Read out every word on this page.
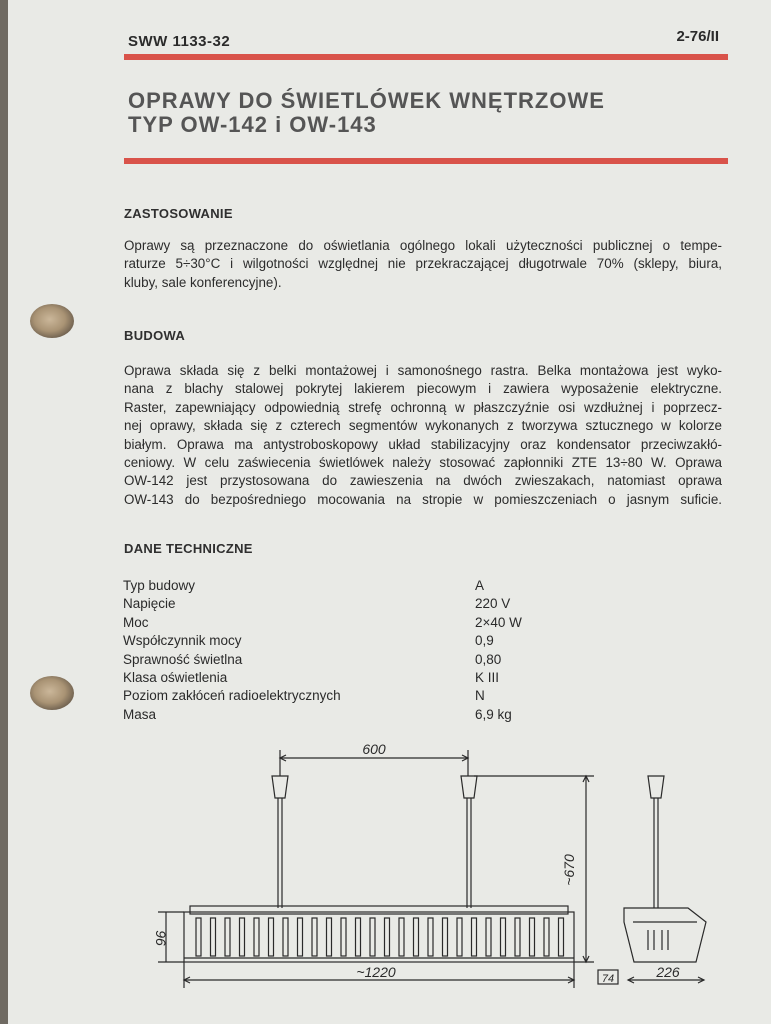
SWW 1133-32	2-76/II
OPRAWY DO ŚWIETLÓWEK WNĘTRZOWE
TYP OW-142 i OW-143
ZASTOSOWANIE
Oprawy są przeznaczone do oświetlania ogólnego lokali użyteczności publicznej o tempe-
raturze 5÷30°C i wilgotności względnej nie przekraczającej długotrwale 70% (sklepy, biura,
kluby, sale konferencyjne).
BUDOWA
Oprawa składa się z belki montażowej i samonośnego rastra. Belka montażowa jest wyko-
nana z blachy stalowej pokrytej lakierem piecowym i zawiera wyposażenie elektryczne.
Raster, zapewniający odpowiednią strefę ochronną w płaszczyźnie osi wzdłużnej i poprzecz-
nej oprawy, składa się z czterech segmentów wykonanych z tworzywa sztucznego w kolorze
białym. Oprawa ma antystroboskopowy układ stabilizacyjny oraz kondensator przeciwzakłó-
ceniowy. W celu zaświecenia świetlówek należy stosować zapłonniki ZTE 13÷80 W. Oprawa
OW-142 jest przystosowana do zawieszenia na dwóch zwieszakach, natomiast oprawa
OW-143 do bezpośredniego mocowania na stropie w pomieszczeniach o jasnym suficie.
DANE TECHNICZNE
Typ budowy	A
Napięcie	220 V
Moc	2×40 W
Współczynnik mocy	0,9
Sprawność świetlna	0,80
Klasa oświetlenia	K III
Poziom zakłóceń radioelektrycznych	N
Masa	6,9 kg
600
96
~670
~1220	74	226
